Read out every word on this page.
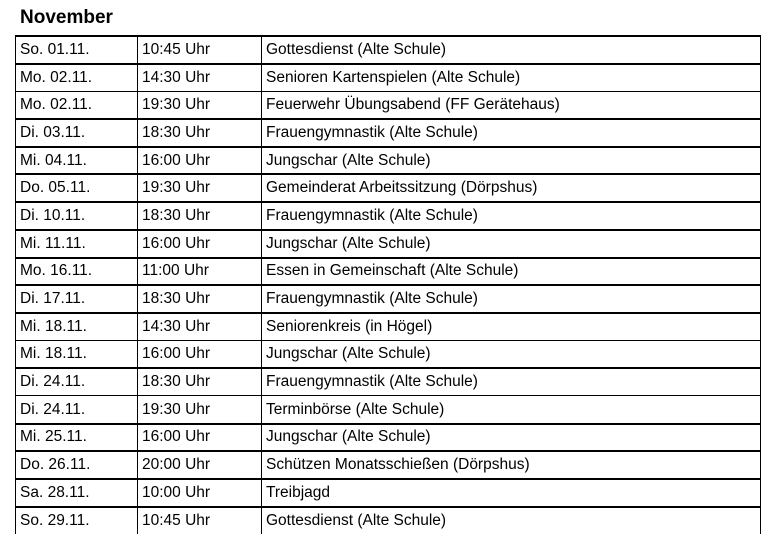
November
So. 01.11.	10:45 Uhr	Gottesdienst (Alte Schule)
Mo. 02.11.	14:30 Uhr	Senioren Kartenspielen (Alte Schule)
Mo. 02.11.	19:30 Uhr	Feuerwehr Übungsabend (FF Gerätehaus)
Di. 03.11.	18:30 Uhr	Frauengymnastik (Alte Schule)
Mi. 04.11.	16:00 Uhr	Jungschar (Alte Schule)
Do. 05.11.	19:30 Uhr	Gemeinderat Arbeitssitzung (Dörpshus)
Di. 10.11.	18:30 Uhr	Frauengymnastik (Alte Schule)
Mi. 11.11.	16:00 Uhr	Jungschar (Alte Schule)
Mo. 16.11.	11:00 Uhr	Essen in Gemeinschaft (Alte Schule)
Di. 17.11.	18:30 Uhr	Frauengymnastik (Alte Schule)
Mi. 18.11.	14:30 Uhr	Seniorenkreis (in Högel)
Mi. 18.11.	16:00 Uhr	Jungschar (Alte Schule)
Di. 24.11.	18:30 Uhr	Frauengymnastik (Alte Schule)
Di. 24.11.	19:30 Uhr	Terminbörse (Alte Schule)
Mi. 25.11.	16:00 Uhr	Jungschar (Alte Schule)
Do. 26.11.	20:00 Uhr	Schützen Monatsschießen (Dörpshus)
Sa. 28.11.	10:00 Uhr	Treibjagd
So. 29.11.	10:45 Uhr	Gottesdienst (Alte Schule)
